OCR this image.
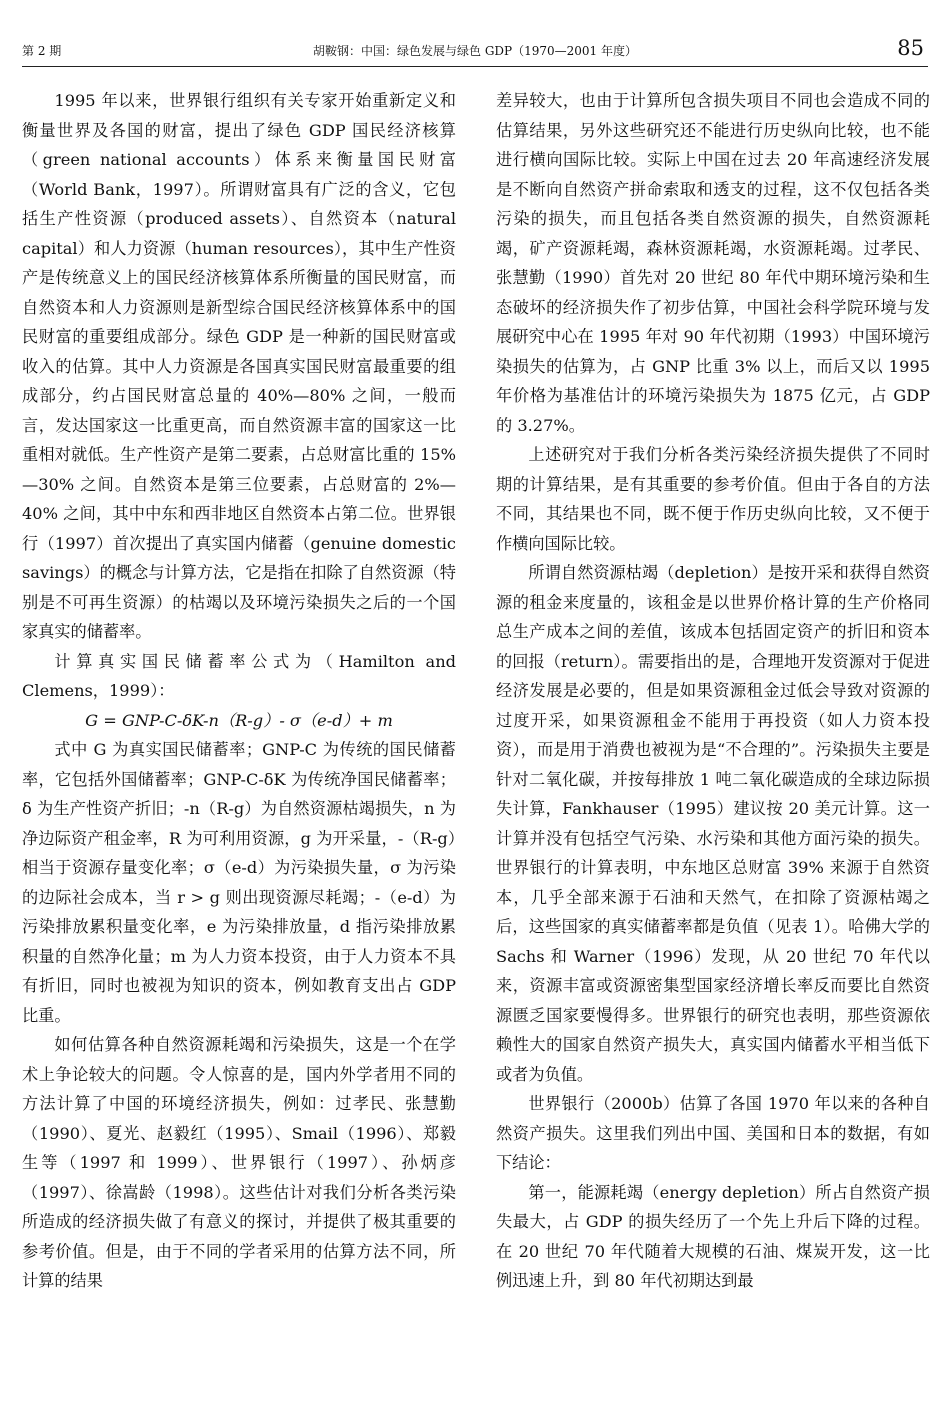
第 2 期	胡鞍钢：中国：绿色发展与绿色 GDP（1970—2001 年度）	85

1995 年以来，世界银行组织有关专家开始重新定义和衡量世界及各国的财富，提出了绿色 GDP 国民经济核算（green national accounts）体系来衡量国民财富（World Bank，1997）。所谓财富具有广泛的含义，它包括生产性资源（produced assets）、自然资本（natural capital）和人力资源（human resources），其中生产性资产是传统意义上的国民经济核算体系所衡量的国民财富，而自然资本和人力资源则是新型综合国民经济核算体系中的国民财富的重要组成部分。绿色 GDP 是一种新的国民财富或收入的估算。其中人力资源是各国真实国民财富最重要的组成部分，约占国民财富总量的 40%—80% 之间，一般而言，发达国家这一比重更高，而自然资源丰富的国家这一比重相对就低。生产性资产是第二要素，占总财富比重的 15%—30% 之间。自然资本是第三位要素，占总财富的 2%—40% 之间，其中中东和西非地区自然资本占第二位。世界银行（1997）首次提出了真实国内储蓄（genuine domestic savings）的概念与计算方法，它是指在扣除了自然资源（特别是不可再生资源）的枯竭以及环境污染损失之后的一个国家真实的储蓄率。

计算真实国民储蓄率公式为（Hamilton and Clemens，1999）：

G = GNP-C-δK-n（R-g）- σ（e-d）+ m

式中 G 为真实国民储蓄率；GNP-C 为传统的国民储蓄率，它包括外国储蓄率；GNP-C-δK 为传统净国民储蓄率；δ 为生产性资产折旧；-n（R-g）为自然资源枯竭损失，n 为净边际资产租金率，R 为可利用资源，g 为开采量，-（R-g）相当于资源存量变化率；σ（e-d）为污染损失量，σ 为污染的边际社会成本，当 r > g 则出现资源尽耗竭；-（e-d）为污染排放累积量变化率，e 为污染排放量，d 指污染排放累积量的自然净化量；m 为人力资本投资，由于人力资本不具有折旧，同时也被视为知识的资本，例如教育支出占 GDP 比重。

如何估算各种自然资源耗竭和污染损失，这是一个在学术上争论较大的问题。令人惊喜的是，国内外学者用不同的方法计算了中国的环境经济损失，例如：过孝民、张慧勤（1990）、夏光、赵毅红（1995）、Smail（1996）、郑毅生等（1997 和 1999）、世界银行（1997）、孙炳彦（1997）、徐嵩龄（1998）。这些估计对我们分析各类污染所造成的经济损失做了有意义的探讨，并提供了极其重要的参考价值。但是，由于不同的学者采用的估算方法不同，所计算的结果

差异较大，也由于计算所包含损失项目不同也会造成不同的估算结果，另外这些研究还不能进行历史纵向比较，也不能进行横向国际比较。实际上中国在过去 20 年高速经济发展是不断向自然资产拼命索取和透支的过程，这不仅包括各类污染的损失，而且包括各类自然资源的损失，自然资源耗竭，矿产资源耗竭，森林资源耗竭，水资源耗竭。过孝民、张慧勤（1990）首先对 20 世纪 80 年代中期环境污染和生态破坏的经济损失作了初步估算，中国社会科学院环境与发展研究中心在 1995 年对 90 年代初期（1993）中国环境污染损失的估算为，占 GNP 比重 3% 以上，而后又以 1995 年价格为基准估计的环境污染损失为 1875 亿元，占 GDP 的 3.27%。

上述研究对于我们分析各类污染经济损失提供了不同时期的计算结果，是有其重要的参考价值。但由于各自的方法不同，其结果也不同，既不便于作历史纵向比较，又不便于作横向国际比较。

所谓自然资源枯竭（depletion）是按开采和获得自然资源的租金来度量的，该租金是以世界价格计算的生产价格同总生产成本之间的差值，该成本包括固定资产的折旧和资本的回报（return）。需要指出的是，合理地开发资源对于促进经济发展是必要的，但是如果资源租金过低会导致对资源的过度开采，如果资源租金不能用于再投资（如人力资本投资），而是用于消费也被视为是“不合理的”。污染损失主要是针对二氧化碳，并按每排放 1 吨二氧化碳造成的全球边际损失计算，Fankhauser（1995）建议按 20 美元计算。这一计算并没有包括空气污染、水污染和其他方面污染的损失。世界银行的计算表明，中东地区总财富 39% 来源于自然资本，几乎全部来源于石油和天然气，在扣除了资源枯竭之后，这些国家的真实储蓄率都是负值（见表 1）。哈佛大学的 Sachs 和 Warner（1996）发现，从 20 世纪 70 年代以来，资源丰富或资源密集型国家经济增长率反而要比自然资源匮乏国家要慢得多。世界银行的研究也表明，那些资源依赖性大的国家自然资产损失大，真实国内储蓄水平相当低下或者为负值。

世界银行（2000b）估算了各国 1970 年以来的各种自然资产损失。这里我们列出中国、美国和日本的数据，有如下结论：

第一，能源耗竭（energy depletion）所占自然资产损失最大，占 GDP 的损失经历了一个先上升后下降的过程。在 20 世纪 70 年代随着大规模的石油、煤炭开发，这一比例迅速上升，到 80 年代初期达到最
